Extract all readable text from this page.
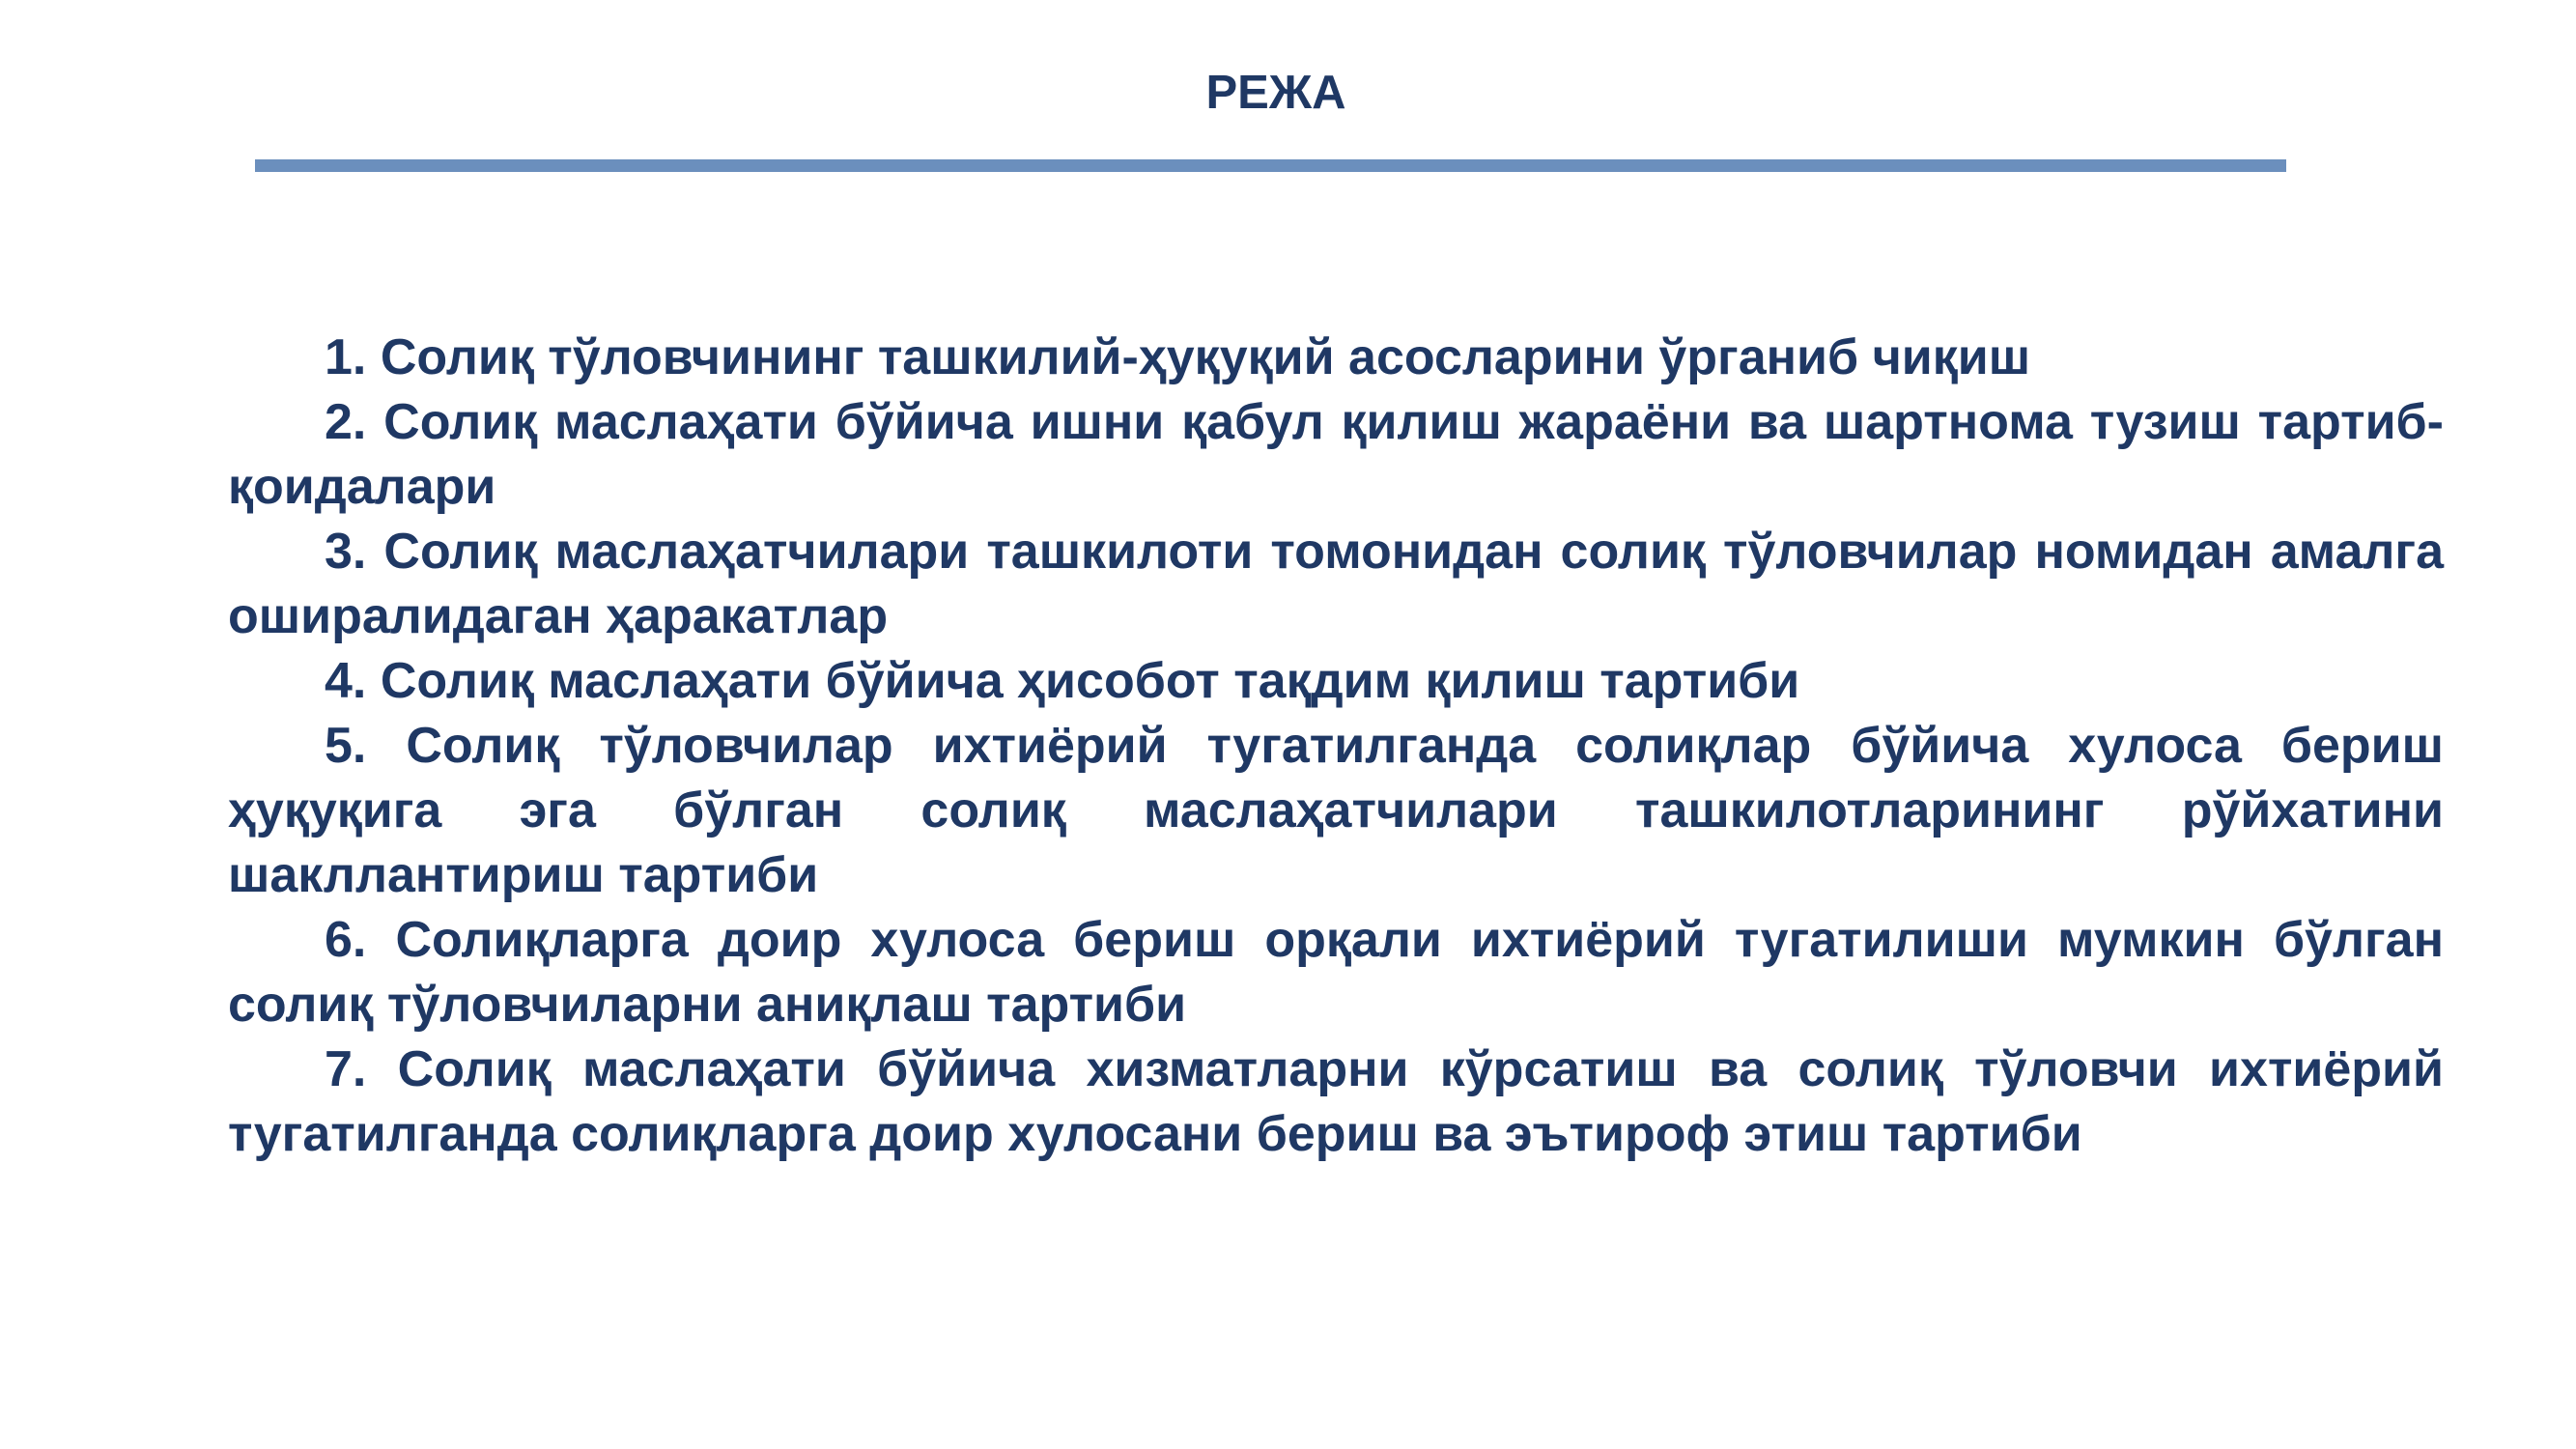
РЕЖА
1. Солиқ тўловчининг ташкилий-ҳуқуқий асосларини ўрганиб чиқиш
2. Солиқ маслаҳати бўйича ишни қабул қилиш жараёни ва шартнома тузиш тартиб-қоидалари
3. Солиқ маслаҳатчилари ташкилоти томонидан солиқ тўловчилар номидан амалга ошиpалидаган ҳаракатлар
4. Солиқ маслаҳати бўйича ҳисобот тақдим қилиш тартиби
5. Солиқ тўловчилар ихтиёрий тугатилганда солиқлар бўйича хулоса бериш ҳуқуқига эга бўлган солиқ маслаҳатчилари ташкилотларининг рўйхатини шакллантириш тартиби
6. Солиқларга доир хулоса бериш орқали ихтиёрий тугатилиши мумкин бўлган солиқ тўловчиларни аниқлаш тартиби
7. Солиқ маслаҳати бўйича хизматларни кўрсатиш ва солиқ тўловчи ихтиёрий тугатилганда солиқларга доир хулосани бериш ва эътироф этиш тартиби
